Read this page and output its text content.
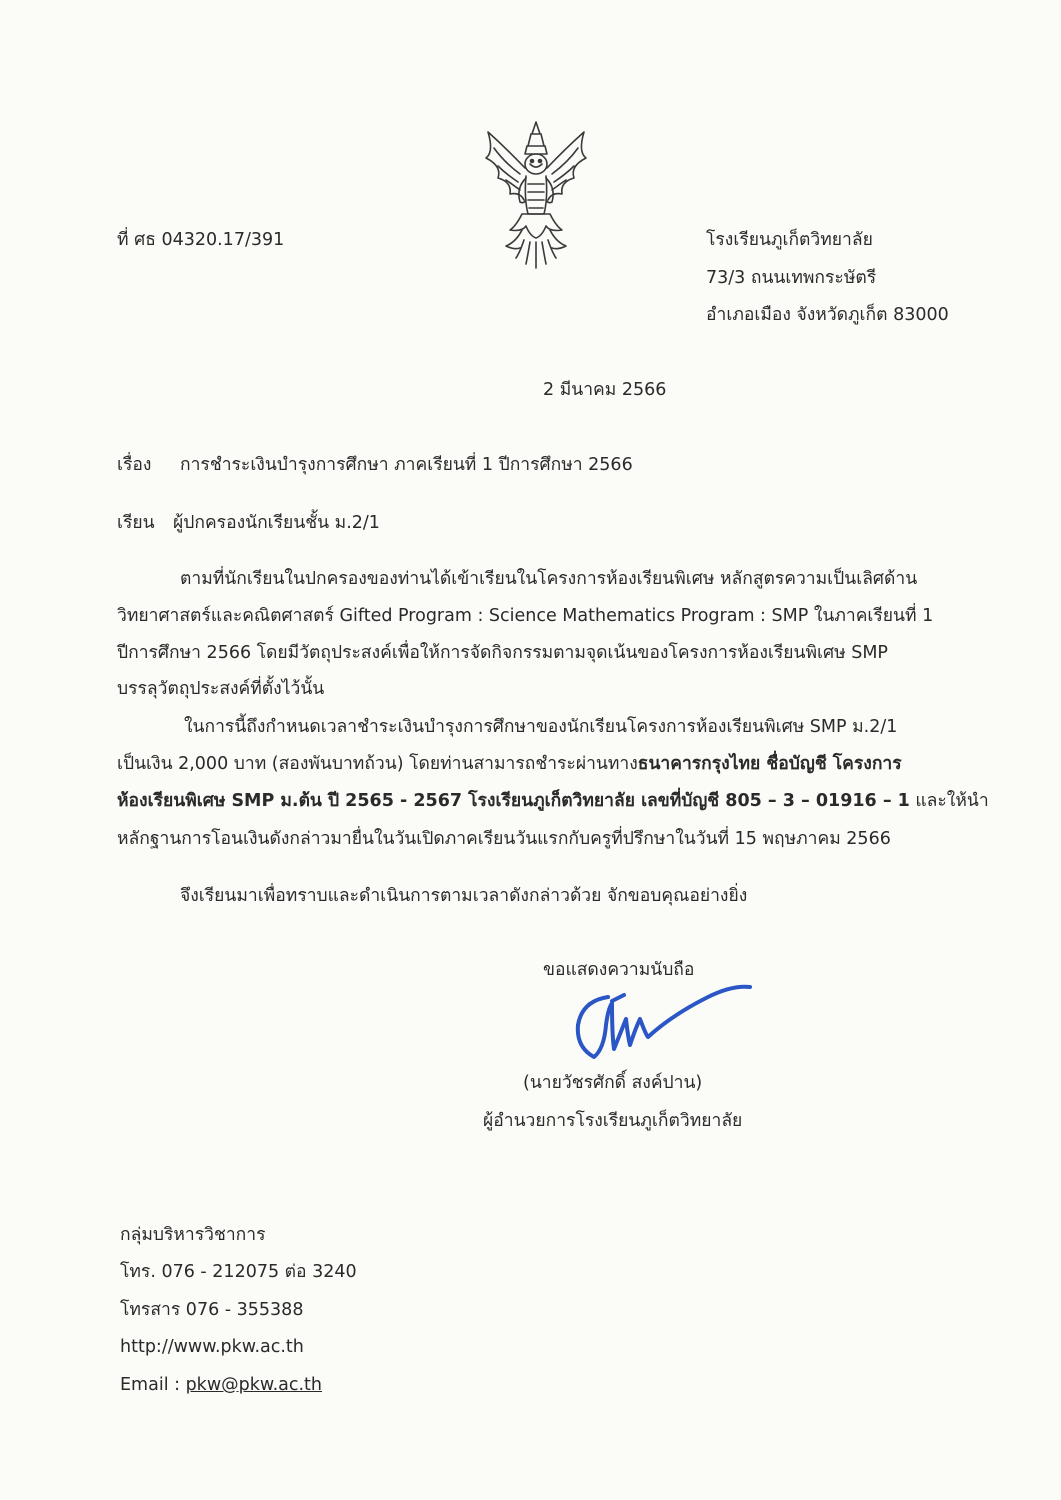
ที่ ศธ 04320.17/391	โรงเรียนภูเก็ตวิทยาลัย
73/3 ถนนเทพกระษัตรี
อำเภอเมือง จังหวัดภูเก็ต 83000
2 มีนาคม 2566
เรื่อง การชำระเงินบำรุงการศึกษา ภาคเรียนที่ 1 ปีการศึกษา 2566
เรียน ผู้ปกครองนักเรียนชั้น ม.2/1
ตามที่นักเรียนในปกครองของท่านได้เข้าเรียนในโครงการห้องเรียนพิเศษ หลักสูตรความเป็นเลิศด้าน
วิทยาศาสตร์และคณิตศาสตร์ Gifted Program : Science Mathematics Program : SMP ในภาคเรียนที่ 1
ปีการศึกษา 2566 โดยมีวัตถุประสงค์เพื่อให้การจัดกิจกรรมตามจุดเน้นของโครงการห้องเรียนพิเศษ SMP
บรรลุวัตถุประสงค์ที่ตั้งไว้นั้น
ในการนี้ถึงกำหนดเวลาชำระเงินบำรุงการศึกษาของนักเรียนโครงการห้องเรียนพิเศษ SMP ม.2/1
เป็นเงิน 2,000 บาท (สองพันบาทถ้วน) โดยท่านสามารถชำระผ่านทางธนาคารกรุงไทย ชื่อบัญชี โครงการ
ห้องเรียนพิเศษ SMP ม.ต้น ปี 2565 - 2567 โรงเรียนภูเก็ตวิทยาลัย เลขที่บัญชี 805 – 3 – 01916 – 1 และให้นำ
หลักฐานการโอนเงินดังกล่าวมายื่นในวันเปิดภาคเรียนวันแรกกับครูที่ปรึกษาในวันที่ 15 พฤษภาคม 2566
จึงเรียนมาเพื่อทราบและดำเนินการตามเวลาดังกล่าวด้วย จักขอบคุณอย่างยิ่ง
ขอแสดงความนับถือ
(นายวัชรศักดิ์ สงค์ปาน)
ผู้อำนวยการโรงเรียนภูเก็ตวิทยาลัย
กลุ่มบริหารวิชาการ
โทร. 076 - 212075 ต่อ 3240
โทรสาร 076 - 355388
http://www.pkw.ac.th
Email : pkw@pkw.ac.th
